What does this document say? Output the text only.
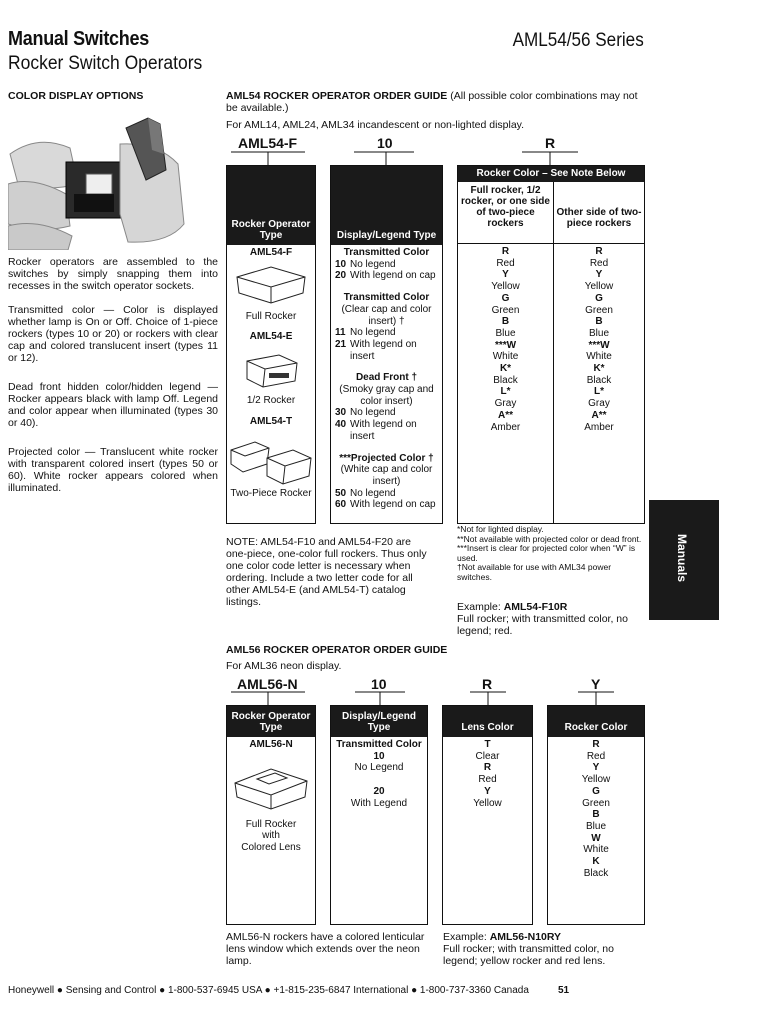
Manual Switches
Rocker Switch Operators
AML54/56 Series
COLOR DISPLAY OPTIONS
Rocker operators are assembled to the switches by simply snapping them into recesses in the switch operator sockets.
Transmitted color — Color is displayed whether lamp is On or Off. Choice of 1-piece rockers (types 10 or 20) or rockers with clear cap and colored translucent insert (types 11 or 12).
Dead front hidden color/hidden legend — Rocker appears black with lamp Off. Legend and color appear when illuminated (types 30 or 40).
Projected color — Translucent white rocker with transparent colored insert (types 50 or 60). White rocker appears colored when illuminated.
AML54 ROCKER OPERATOR ORDER GUIDE (All possible color combinations may not be available.)
For AML14, AML24, AML34 incandescent or non-lighted display.
AML54-F	10	R
Rocker Operator Type
AML54-F
Full Rocker
AML54-E
1/2 Rocker
AML54-T
Two-Piece Rocker
Display/Legend Type
Transmitted Color
10 No legend
20 With legend on cap
Transmitted Color
(Clear cap and color insert) †
11 No legend
21 With legend on insert
Dead Front †
(Smoky gray cap and color insert)
30 No legend
40 With legend on insert
***Projected Color †
(White cap and color insert)
50 No legend
60 With legend on cap
Rocker Color – See Note Below
Full rocker, 1/2 rocker, or one side of two-piece rockers
Other side of two-piece rockers
R
Red
Y
Yellow
G
Green
B
Blue
***W
White
K*
Black
L*
Gray
A**
Amber
R
Red
Y
Yellow
G
Green
B
Blue
***W
White
K*
Black
L*
Gray
A**
Amber
*Not for lighted display.
**Not available with projected color or dead front.
***Insert is clear for projected color when “W” is used.
†Not available for use with AML34 power switches.
NOTE: AML54-F10 and AML54-F20 are one-piece, one-color full rockers. Thus only one color code letter is necessary when ordering. Include a two letter code for all other AML54-E (and AML54-T) catalog listings.	Example: AML54-F10R
Full rocker; with transmitted color, no legend; red.
Manuals
AML56 ROCKER OPERATOR ORDER GUIDE
For AML36 neon display.
AML56-N	10	R	Y
Rocker Operator Type
AML56-N
Full Rocker
with
Colored Lens
Display/Legend Type
Transmitted Color
10
No Legend
20
With Legend
Lens Color
T
Clear
R
Red
Y
Yellow
Rocker Color
R
Red
Y
Yellow
G
Green
B
Blue
W
White
K
Black
AML56-N rockers have a colored lenticular lens window which extends over the neon lamp.
Example: AML56-N10RY
Full rocker; with transmitted color, no legend; yellow rocker and red lens.
Honeywell ● Sensing and Control ● 1-800-537-6945 USA ● +1-815-235-6847 International ● 1-800-737-3360 Canada	51
